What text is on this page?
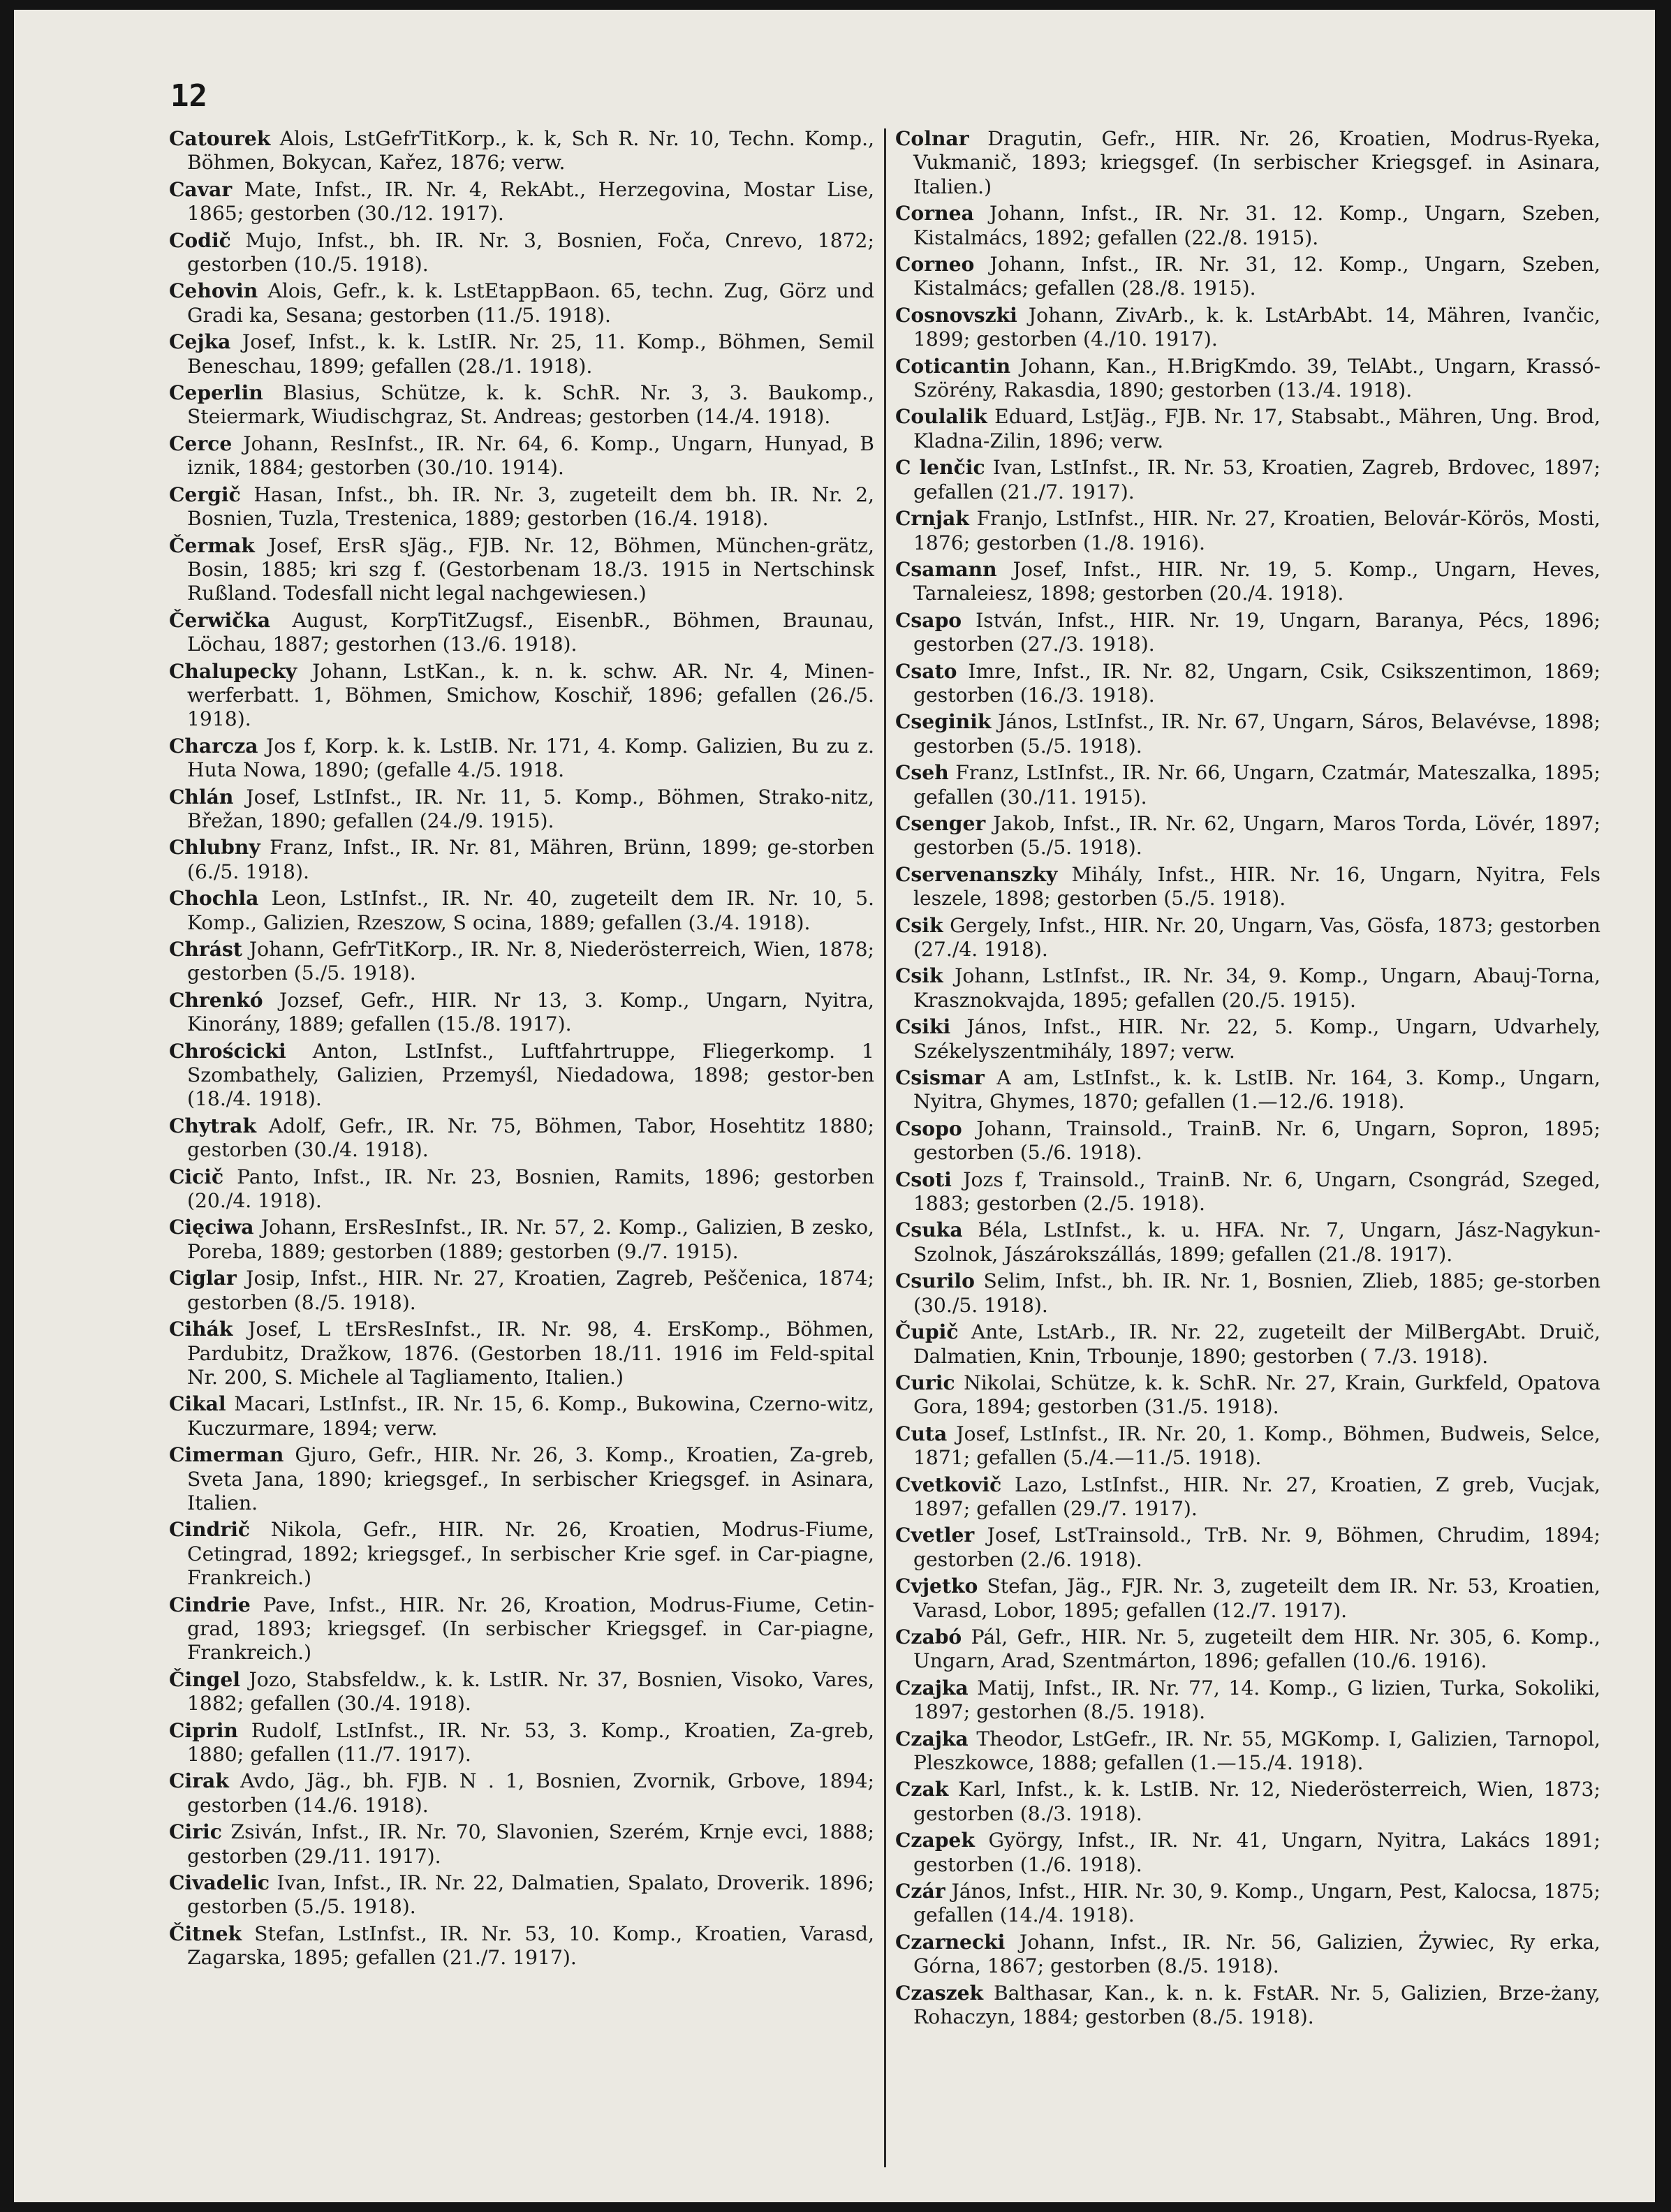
12

Catourek Alois, LstGefrTitKorp., k. k, Sch R. Nr. 10, Techn. Komp., Böhmen, Bokycan, Kařez, 1876; verw.

Cavar Mate, Infst., IR. Nr. 4, RekAbt., Herzegovina, Mostar Lise, 1865; gestorben (30./12. 1917).

Codič Mujo, Infst., bh. IR. Nr. 3, Bosnien, Foča, Cnrevo, 1872; gestorben (10./5. 1918).

Cehovin Alois, Gefr., k. k. LstEtappBaon. 65, techn. Zug, Görz und Gradi ka, Sesana; gestorben (11./5. 1918).

Cejka Josef, Infst., k. k. LstIR. Nr. 25, 11. Komp., Böhmen, Semil Beneschau, 1899; gefallen (28./1. 1918).

Ceperlin Blasius, Schütze, k. k. SchR. Nr. 3, 3. Baukomp., Steiermark, Wiudischgraz, St. Andreas; gestorben (14./4. 1918).

Cerce Johann, ResInfst., IR. Nr. 64, 6. Komp., Ungarn, Hunyad, B iznik, 1884; gestorben (30./10. 1914).

Cergič Hasan, Infst., bh. IR. Nr. 3, zugeteilt dem bh. IR. Nr. 2, Bosnien, Tuzla, Trestenica, 1889; gestorben (16./4. 1918).

Čermak Josef, ErsR sJäg., FJB. Nr. 12, Böhmen, München-grätz, Bosin, 1885; kri szg f. (Gestorbenam 18./3. 1915 in Nertschinsk Rußland. Todesfall nicht legal nachgewiesen.)

Čerwička August, KorpTitZugsf., EisenbR., Böhmen, Braunau, Löchau, 1887; gestorhen (13./6. 1918).

Chalupecky Johann, LstKan., k. n. k. schw. AR. Nr. 4, Minen-werferbatt. 1, Böhmen, Smichow, Koschiř, 1896; gefallen (26./5. 1918).

Charcza Jos f, Korp. k. k. LstIB. Nr. 171, 4. Komp. Galizien, Bu zu z. Huta Nowa, 1890; (gefalle 4./5. 1918.

Chlán Josef, LstInfst., IR. Nr. 11, 5. Komp., Böhmen, Strako-nitz, Břežan, 1890; gefallen (24./9. 1915).

Chlubny Franz, Infst., IR. Nr. 81, Mähren, Brünn, 1899; ge-storben (6./5. 1918).

Chochla Leon, LstInfst., IR. Nr. 40, zugeteilt dem IR. Nr. 10, 5. Komp., Galizien, Rzeszow, S ocina, 1889; gefallen (3./4. 1918).

Chrást Johann, GefrTitKorp., IR. Nr. 8, Niederösterreich, Wien, 1878; gestorben (5./5. 1918).

Chrenkó Jozsef, Gefr., HIR. Nr 13, 3. Komp., Ungarn, Nyitra, Kinorány, 1889; gefallen (15./8. 1917).

Chrościcki Anton, LstInfst., Luftfahrtruppe, Fliegerkomp. 1 Szombathely, Galizien, Przemyśl, Niedadowa, 1898; gestor-ben (18./4. 1918).

Chytrak Adolf, Gefr., IR. Nr. 75, Böhmen, Tabor, Hosehtitz 1880; gestorben (30./4. 1918).

Cicič Panto, Infst., IR. Nr. 23, Bosnien, Ramits, 1896; gestorben (20./4. 1918).

Cięciwa Johann, ErsResInfst., IR. Nr. 57, 2. Komp., Galizien, B zesko, Poreba, 1889; gestorben (1889; gestorben (9./7. 1915).

Ciglar Josip, Infst., HIR. Nr. 27, Kroatien, Zagreb, Peščenica, 1874; gestorben (8./5. 1918).

Cihák Josef, L tErsResInfst., IR. Nr. 98, 4. ErsKomp., Böhmen, Pardubitz, Dražkow, 1876. (Gestorben 18./11. 1916 im Feld-spital Nr. 200, S. Michele al Tagliamento, Italien.)

Cikal Macari, LstInfst., IR. Nr. 15, 6. Komp., Bukowina, Czerno-witz, Kuczurmare, 1894; verw.

Cimerman Gjuro, Gefr., HIR. Nr. 26, 3. Komp., Kroatien, Za-greb, Sveta Jana, 1890; kriegsgef., In serbischer Kriegsgef. in Asinara, Italien.

Cindrič Nikola, Gefr., HIR. Nr. 26, Kroatien, Modrus-Fiume, Cetingrad, 1892; kriegsgef., In serbischer Krie sgef. in Car-piagne, Frankreich.)

Cindrie Pave, Infst., HIR. Nr. 26, Kroation, Modrus-Fiume, Cetin-grad, 1893; kriegsgef. (In serbischer Kriegsgef. in Car-piagne, Frankreich.)

Čingel Jozo, Stabsfeldw., k. k. LstIR. Nr. 37, Bosnien, Visoko, Vares, 1882; gefallen (30./4. 1918).

Ciprin Rudolf, LstInfst., IR. Nr. 53, 3. Komp., Kroatien, Za-greb, 1880; gefallen (11./7. 1917).

Cirak Avdo, Jäg., bh. FJB. N . 1, Bosnien, Zvornik, Grbove, 1894; gestorben (14./6. 1918).

Ciric Zsiván, Infst., IR. Nr. 70, Slavonien, Szerém, Krnje evci, 1888; gestorben (29./11. 1917).

Civadelic Ivan, Infst., IR. Nr. 22, Dalmatien, Spalato, Droverik. 1896; gestorben (5./5. 1918).

Čitnek Stefan, LstInfst., IR. Nr. 53, 10. Komp., Kroatien, Varasd, Zagarska, 1895; gefallen (21./7. 1917).

Colnar Dragutin, Gefr., HIR. Nr. 26, Kroatien, Modrus-Ryeka, Vukmanič, 1893; kriegsgef. (In serbischer Kriegsgef. in Asinara, Italien.)

Cornea Johann, Infst., IR. Nr. 31. 12. Komp., Ungarn, Szeben, Kistalmács, 1892; gefallen (22./8. 1915).

Corneo Johann, Infst., IR. Nr. 31, 12. Komp., Ungarn, Szeben, Kistalmács; gefallen (28./8. 1915).

Cosnovszki Johann, ZivArb., k. k. LstArbAbt. 14, Mähren, Ivančic, 1899; gestorben (4./10. 1917).

Coticantin Johann, Kan., H.BrigKmdo. 39, TelAbt., Ungarn, Krassó-Szörény, Rakasdia, 1890; gestorben (13./4. 1918).

Coulalik Eduard, LstJäg., FJB. Nr. 17, Stabsabt., Mähren, Ung. Brod, Kladna-Zilin, 1896; verw.

C lenčic Ivan, LstInfst., IR. Nr. 53, Kroatien, Zagreb, Brdovec, 1897; gefallen (21./7. 1917).

Crnjak Franjo, LstInfst., HIR. Nr. 27, Kroatien, Belovár-Körös, Mosti, 1876; gestorben (1./8. 1916).

Csamann Josef, Infst., HIR. Nr. 19, 5. Komp., Ungarn, Heves, Tarnaleiesz, 1898; gestorben (20./4. 1918).

Csapo István, Infst., HIR. Nr. 19, Ungarn, Baranya, Pécs, 1896; gestorben (27./3. 1918).

Csato Imre, Infst., IR. Nr. 82, Ungarn, Csik, Csikszentimon, 1869; gestorben (16./3. 1918).

Cseginik János, LstInfst., IR. Nr. 67, Ungarn, Sáros, Belavévse, 1898; gestorben (5./5. 1918).

Cseh Franz, LstInfst., IR. Nr. 66, Ungarn, Czatmár, Mateszalka, 1895; gefallen (30./11. 1915).

Csenger Jakob, Infst., IR. Nr. 62, Ungarn, Maros Torda, Lövér, 1897; gestorben (5./5. 1918).

Cservenanszky Mihály, Infst., HIR. Nr. 16, Ungarn, Nyitra, Fels leszele, 1898; gestorben (5./5. 1918).

Csik Gergely, Infst., HIR. Nr. 20, Ungarn, Vas, Gösfa, 1873; gestorben (27./4. 1918).

Csik Johann, LstInfst., IR. Nr. 34, 9. Komp., Ungarn, Abauj-Torna, Krasznokvajda, 1895; gefallen (20./5. 1915).

Csiki János, Infst., HIR. Nr. 22, 5. Komp., Ungarn, Udvarhely, Székelyszentmihály, 1897; verw.

Csismar A am, LstInfst., k. k. LstIB. Nr. 164, 3. Komp., Ungarn, Nyitra, Ghymes, 1870; gefallen (1.—12./6. 1918).

Csopo Johann, Trainsold., TrainB. Nr. 6, Ungarn, Sopron, 1895; gestorben (5./6. 1918).

Csoti Jozs f, Trainsold., TrainB. Nr. 6, Ungarn, Csongrád, Szeged, 1883; gestorben (2./5. 1918).

Csuka Béla, LstInfst., k. u. HFA. Nr. 7, Ungarn, Jász-Nagykun-Szolnok, Jászárokszállás, 1899; gefallen (21./8. 1917).

Csurilo Selim, Infst., bh. IR. Nr. 1, Bosnien, Zlieb, 1885; ge-storben (30./5. 1918).

Čupič Ante, LstArb., IR. Nr. 22, zugeteilt der MilBergAbt. Druič, Dalmatien, Knin, Trbounje, 1890; gestorben ( 7./3. 1918).

Curic Nikolai, Schütze, k. k. SchR. Nr. 27, Krain, Gurkfeld, Opatova Gora, 1894; gestorben (31./5. 1918).

Cuta Josef, LstInfst., IR. Nr. 20, 1. Komp., Böhmen, Budweis, Selce, 1871; gefallen (5./4.—11./5. 1918).

Cvetkovič Lazo, LstInfst., HIR. Nr. 27, Kroatien, Z greb, Vucjak, 1897; gefallen (29./7. 1917).

Cvetler Josef, LstTrainsold., TrB. Nr. 9, Böhmen, Chrudim, 1894; gestorben (2./6. 1918).

Cvjetko Stefan, Jäg., FJR. Nr. 3, zugeteilt dem IR. Nr. 53, Kroatien, Varasd, Lobor, 1895; gefallen (12./7. 1917).

Czabó Pál, Gefr., HIR. Nr. 5, zugeteilt dem HIR. Nr. 305, 6. Komp., Ungarn, Arad, Szentmárton, 1896; gefallen (10./6. 1916).

Czajka Matij, Infst., IR. Nr. 77, 14. Komp., G lizien, Turka, Sokoliki, 1897; gestorhen (8./5. 1918).

Czajka Theodor, LstGefr., IR. Nr. 55, MGKomp. I, Galizien, Tarnopol, Pleszkowce, 1888; gefallen (1.—15./4. 1918).

Czak Karl, Infst., k. k. LstIB. Nr. 12, Niederösterreich, Wien, 1873; gestorben (8./3. 1918).

Czapek György, Infst., IR. Nr. 41, Ungarn, Nyitra, Lakács 1891; gestorben (1./6. 1918).

Czár János, Infst., HIR. Nr. 30, 9. Komp., Ungarn, Pest, Kalocsa, 1875; gefallen (14./4. 1918).

Czarnecki Johann, Infst., IR. Nr. 56, Galizien, Żywiec, Ry erka, Górna, 1867; gestorben (8./5. 1918).

Czaszek Balthasar, Kan., k. n. k. FstAR. Nr. 5, Galizien, Brze-żany, Rohaczyn, 1884; gestorben (8./5. 1918).
